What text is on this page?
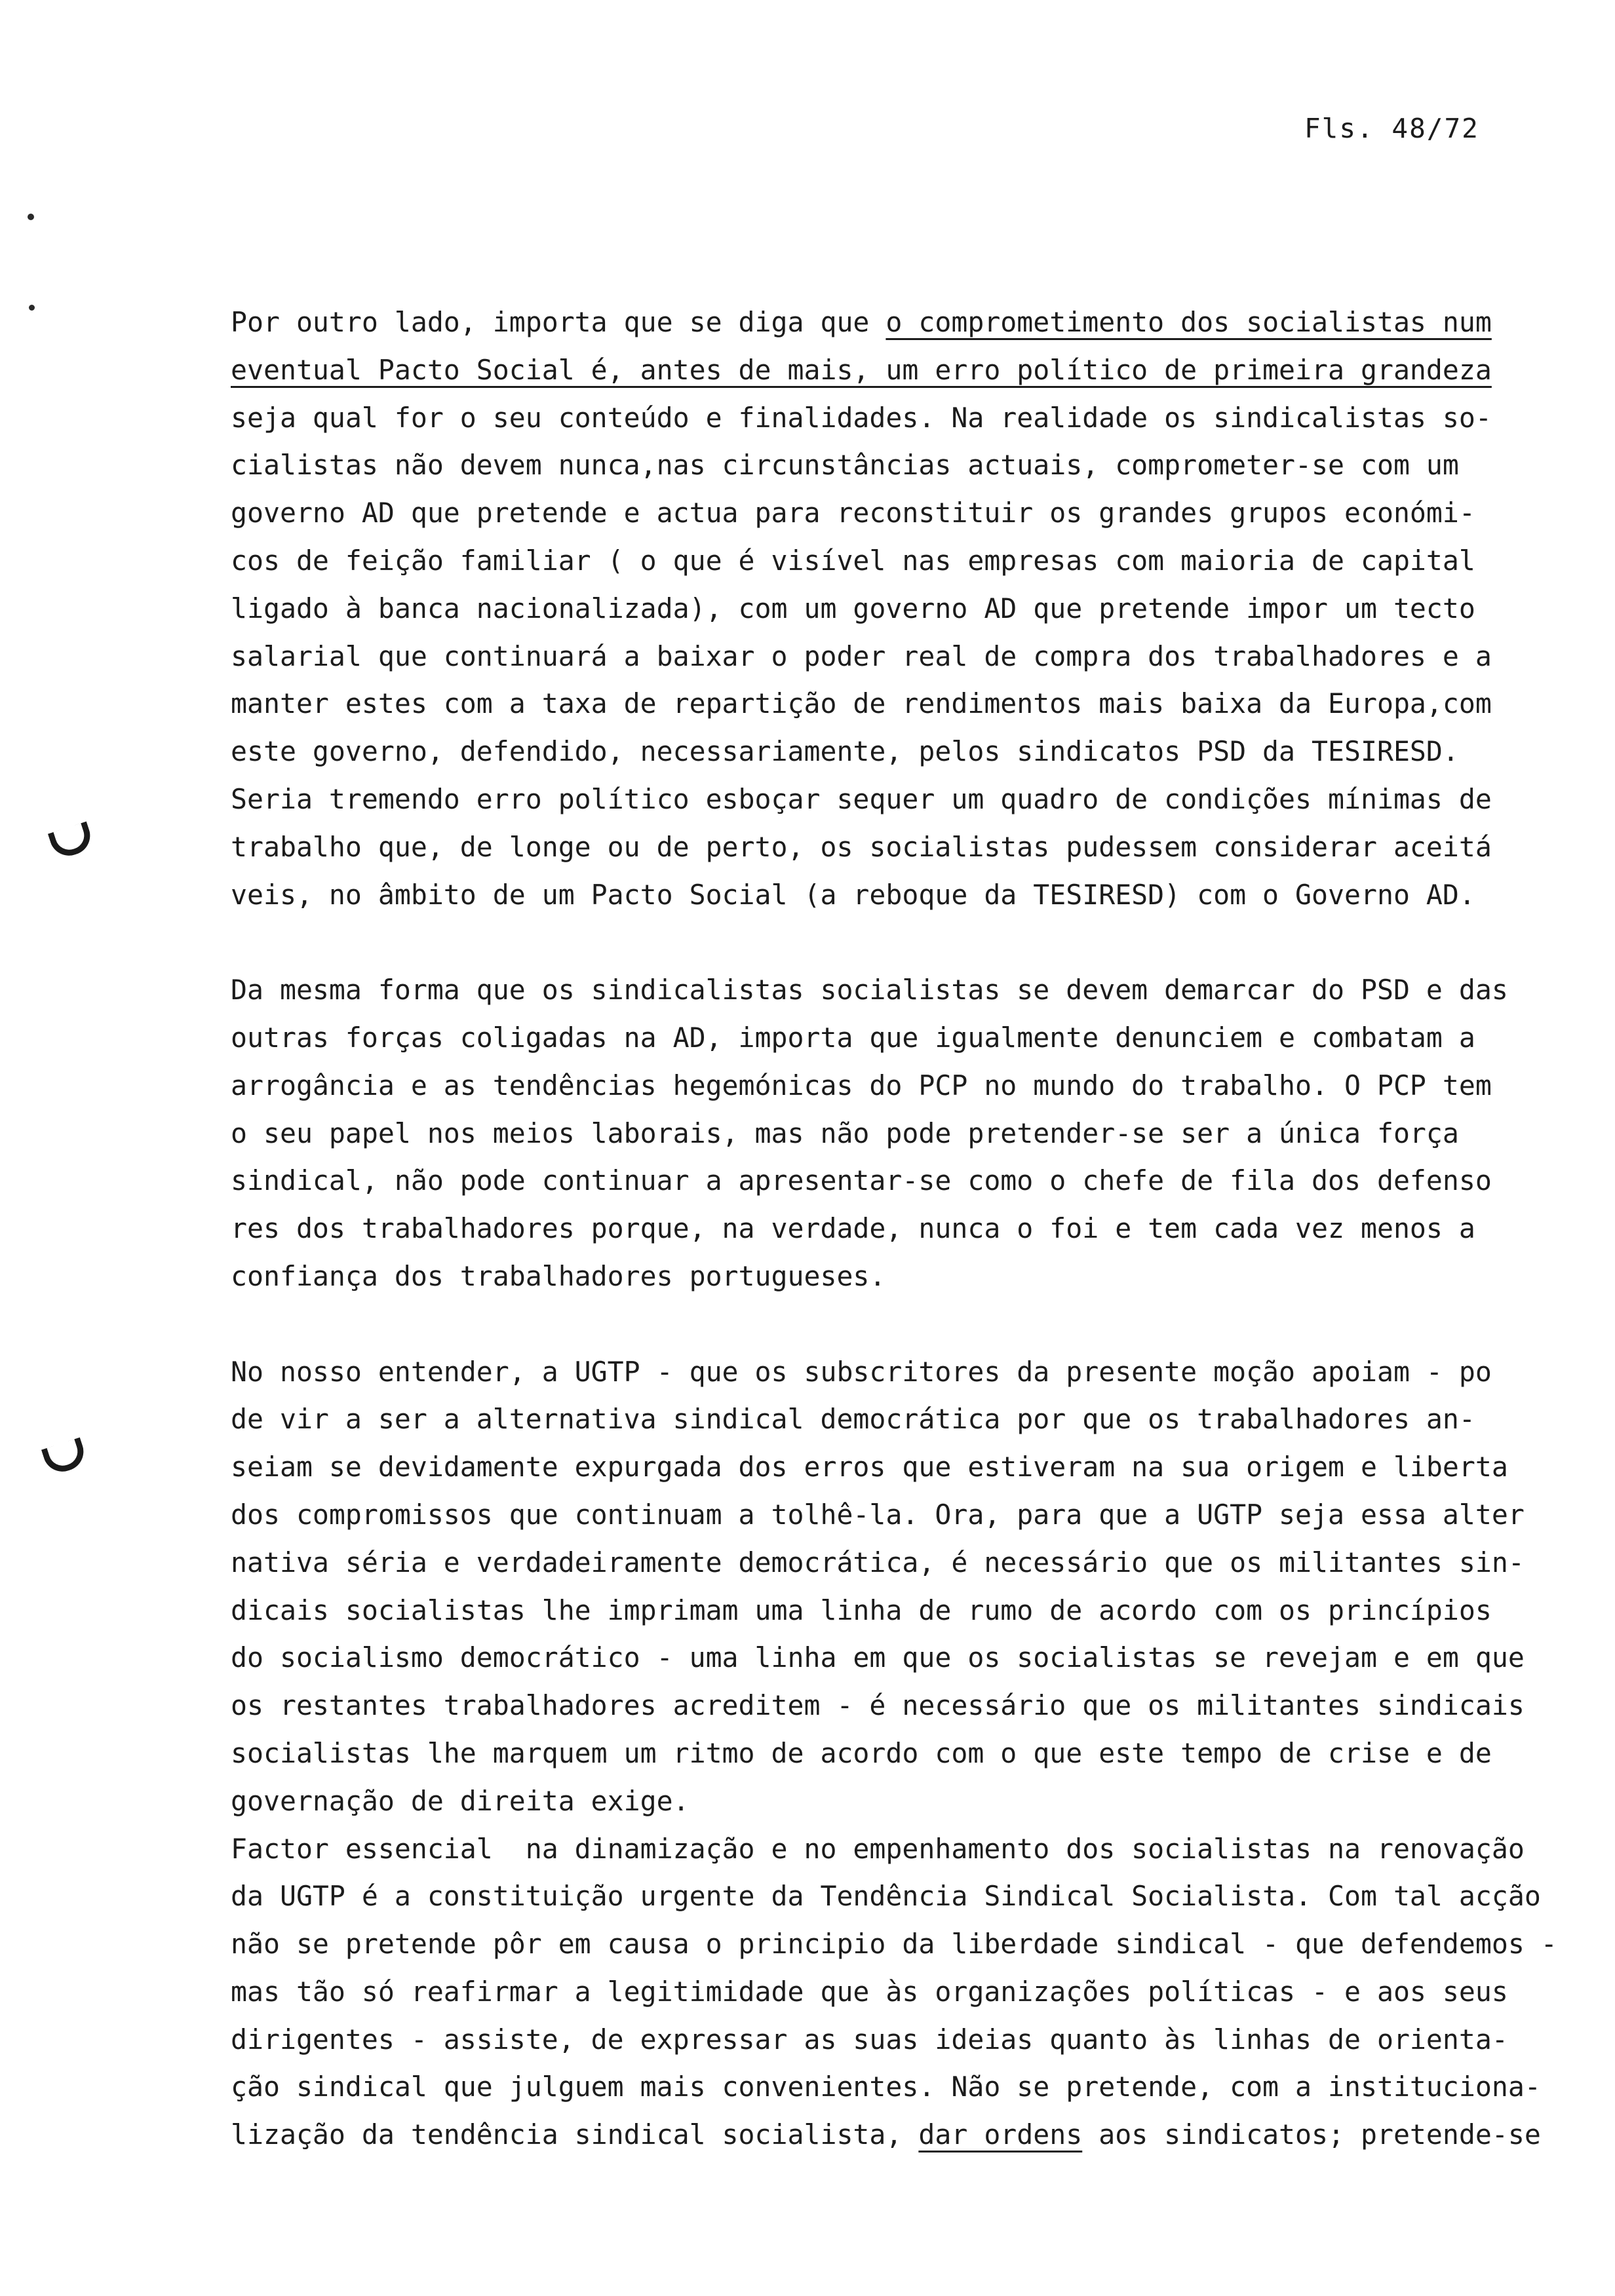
Fls. 48/72
Por outro lado, importa que se diga que o comprometimento dos socialistas num
eventual Pacto Social é, antes de mais, um erro político de primeira grandeza
seja qual for o seu conteúdo e finalidades. Na realidade os sindicalistas so-
cialistas não devem nunca,nas circunstâncias actuais, comprometer-se com um
governo AD que pretende e actua para reconstituir os grandes grupos económi-
cos de feição familiar ( o que é visível nas empresas com maioria de capital
ligado à banca nacionalizada), com um governo AD que pretende impor um tecto
salarial que continuará a baixar o poder real de compra dos trabalhadores e a
manter estes com a taxa de repartição de rendimentos mais baixa da Europa,com
este governo, defendido, necessariamente, pelos sindicatos PSD da TESIRESD.
Seria tremendo erro político esboçar sequer um quadro de condições mínimas de
trabalho que, de longe ou de perto, os socialistas pudessem considerar aceitá
veis, no âmbito de um Pacto Social (a reboque da TESIRESD) com o Governo AD.
Da mesma forma que os sindicalistas socialistas se devem demarcar do PSD e das
outras forças coligadas na AD, importa que igualmente denunciem e combatam a
arrogância e as tendências hegemónicas do PCP no mundo do trabalho. O PCP tem
o seu papel nos meios laborais, mas não pode pretender-se ser a única força
sindical, não pode continuar a apresentar-se como o chefe de fila dos defenso
res dos trabalhadores porque, na verdade, nunca o foi e tem cada vez menos a
confiança dos trabalhadores portugueses.
No nosso entender, a UGTP - que os subscritores da presente moção apoiam - po
de vir a ser a alternativa sindical democrática por que os trabalhadores an-
seiam se devidamente expurgada dos erros que estiveram na sua origem e liberta
dos compromissos que continuam a tolhê-la. Ora, para que a UGTP seja essa alter
nativa séria e verdadeiramente democrática, é necessário que os militantes sin-
dicais socialistas lhe imprimam uma linha de rumo de acordo com os princípios
do socialismo democrático - uma linha em que os socialistas se revejam e em que
os restantes trabalhadores acreditem - é necessário que os militantes sindicais
socialistas lhe marquem um ritmo de acordo com o que este tempo de crise e de
governação de direita exige.
Factor essencial  na dinamização e no empenhamento dos socialistas na renovação
da UGTP é a constituição urgente da Tendência Sindical Socialista. Com tal acção
não se pretende pôr em causa o principio da liberdade sindical - que defendemos -
mas tão só reafirmar a legitimidade que às organizações políticas - e aos seus
dirigentes - assiste, de expressar as suas ideias quanto às linhas de orienta-
ção sindical que julguem mais convenientes. Não se pretende, com a instituciona-
lização da tendência sindical socialista, dar ordens aos sindicatos; pretende-se
